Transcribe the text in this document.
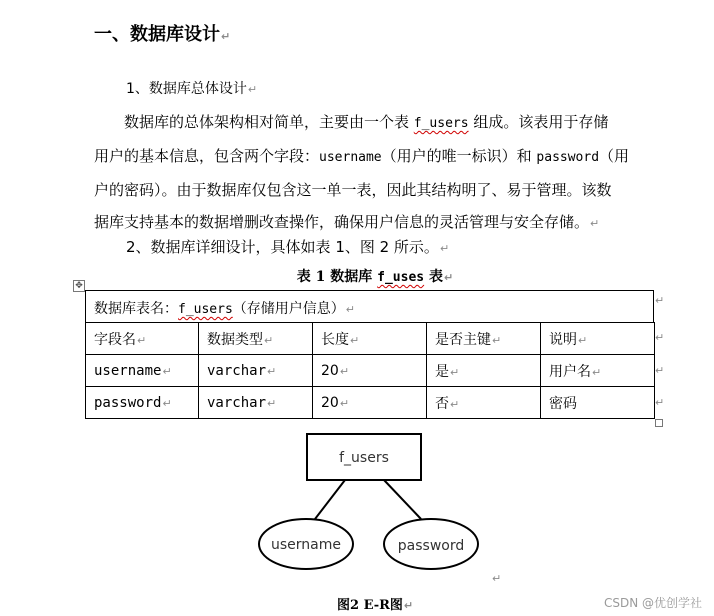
一、数据库设计↵
1、数据库总体设计↵
数据库的总体架构相对简单，主要由一个表 f_users 组成。该表用于存储
用户的基本信息，包含两个字段：username（用户的唯一标识）和 password（用
户的密码）。由于数据库仅包含这一单一表，因此其结构明了、易于管理。该数
据库支持基本的数据增删改查操作，确保用户信息的灵活管理与安全存储。↵
2、数据库详细设计，具体如表 1、图 2 所示。↵
表 1 数据库 f_uses 表↵
✥
数据库表名：f_users（存储用户信息）↵
字段名↵	数据类型↵	长度↵	是否主键↵	说明↵
username↵	varchar↵	20↵	是↵	用户名↵
password↵	varchar↵	20↵	否↵	密码
↵
↵
↵
↵
f_users
username	password
↵
图2 E-R图↵	CSDN @优创学社
